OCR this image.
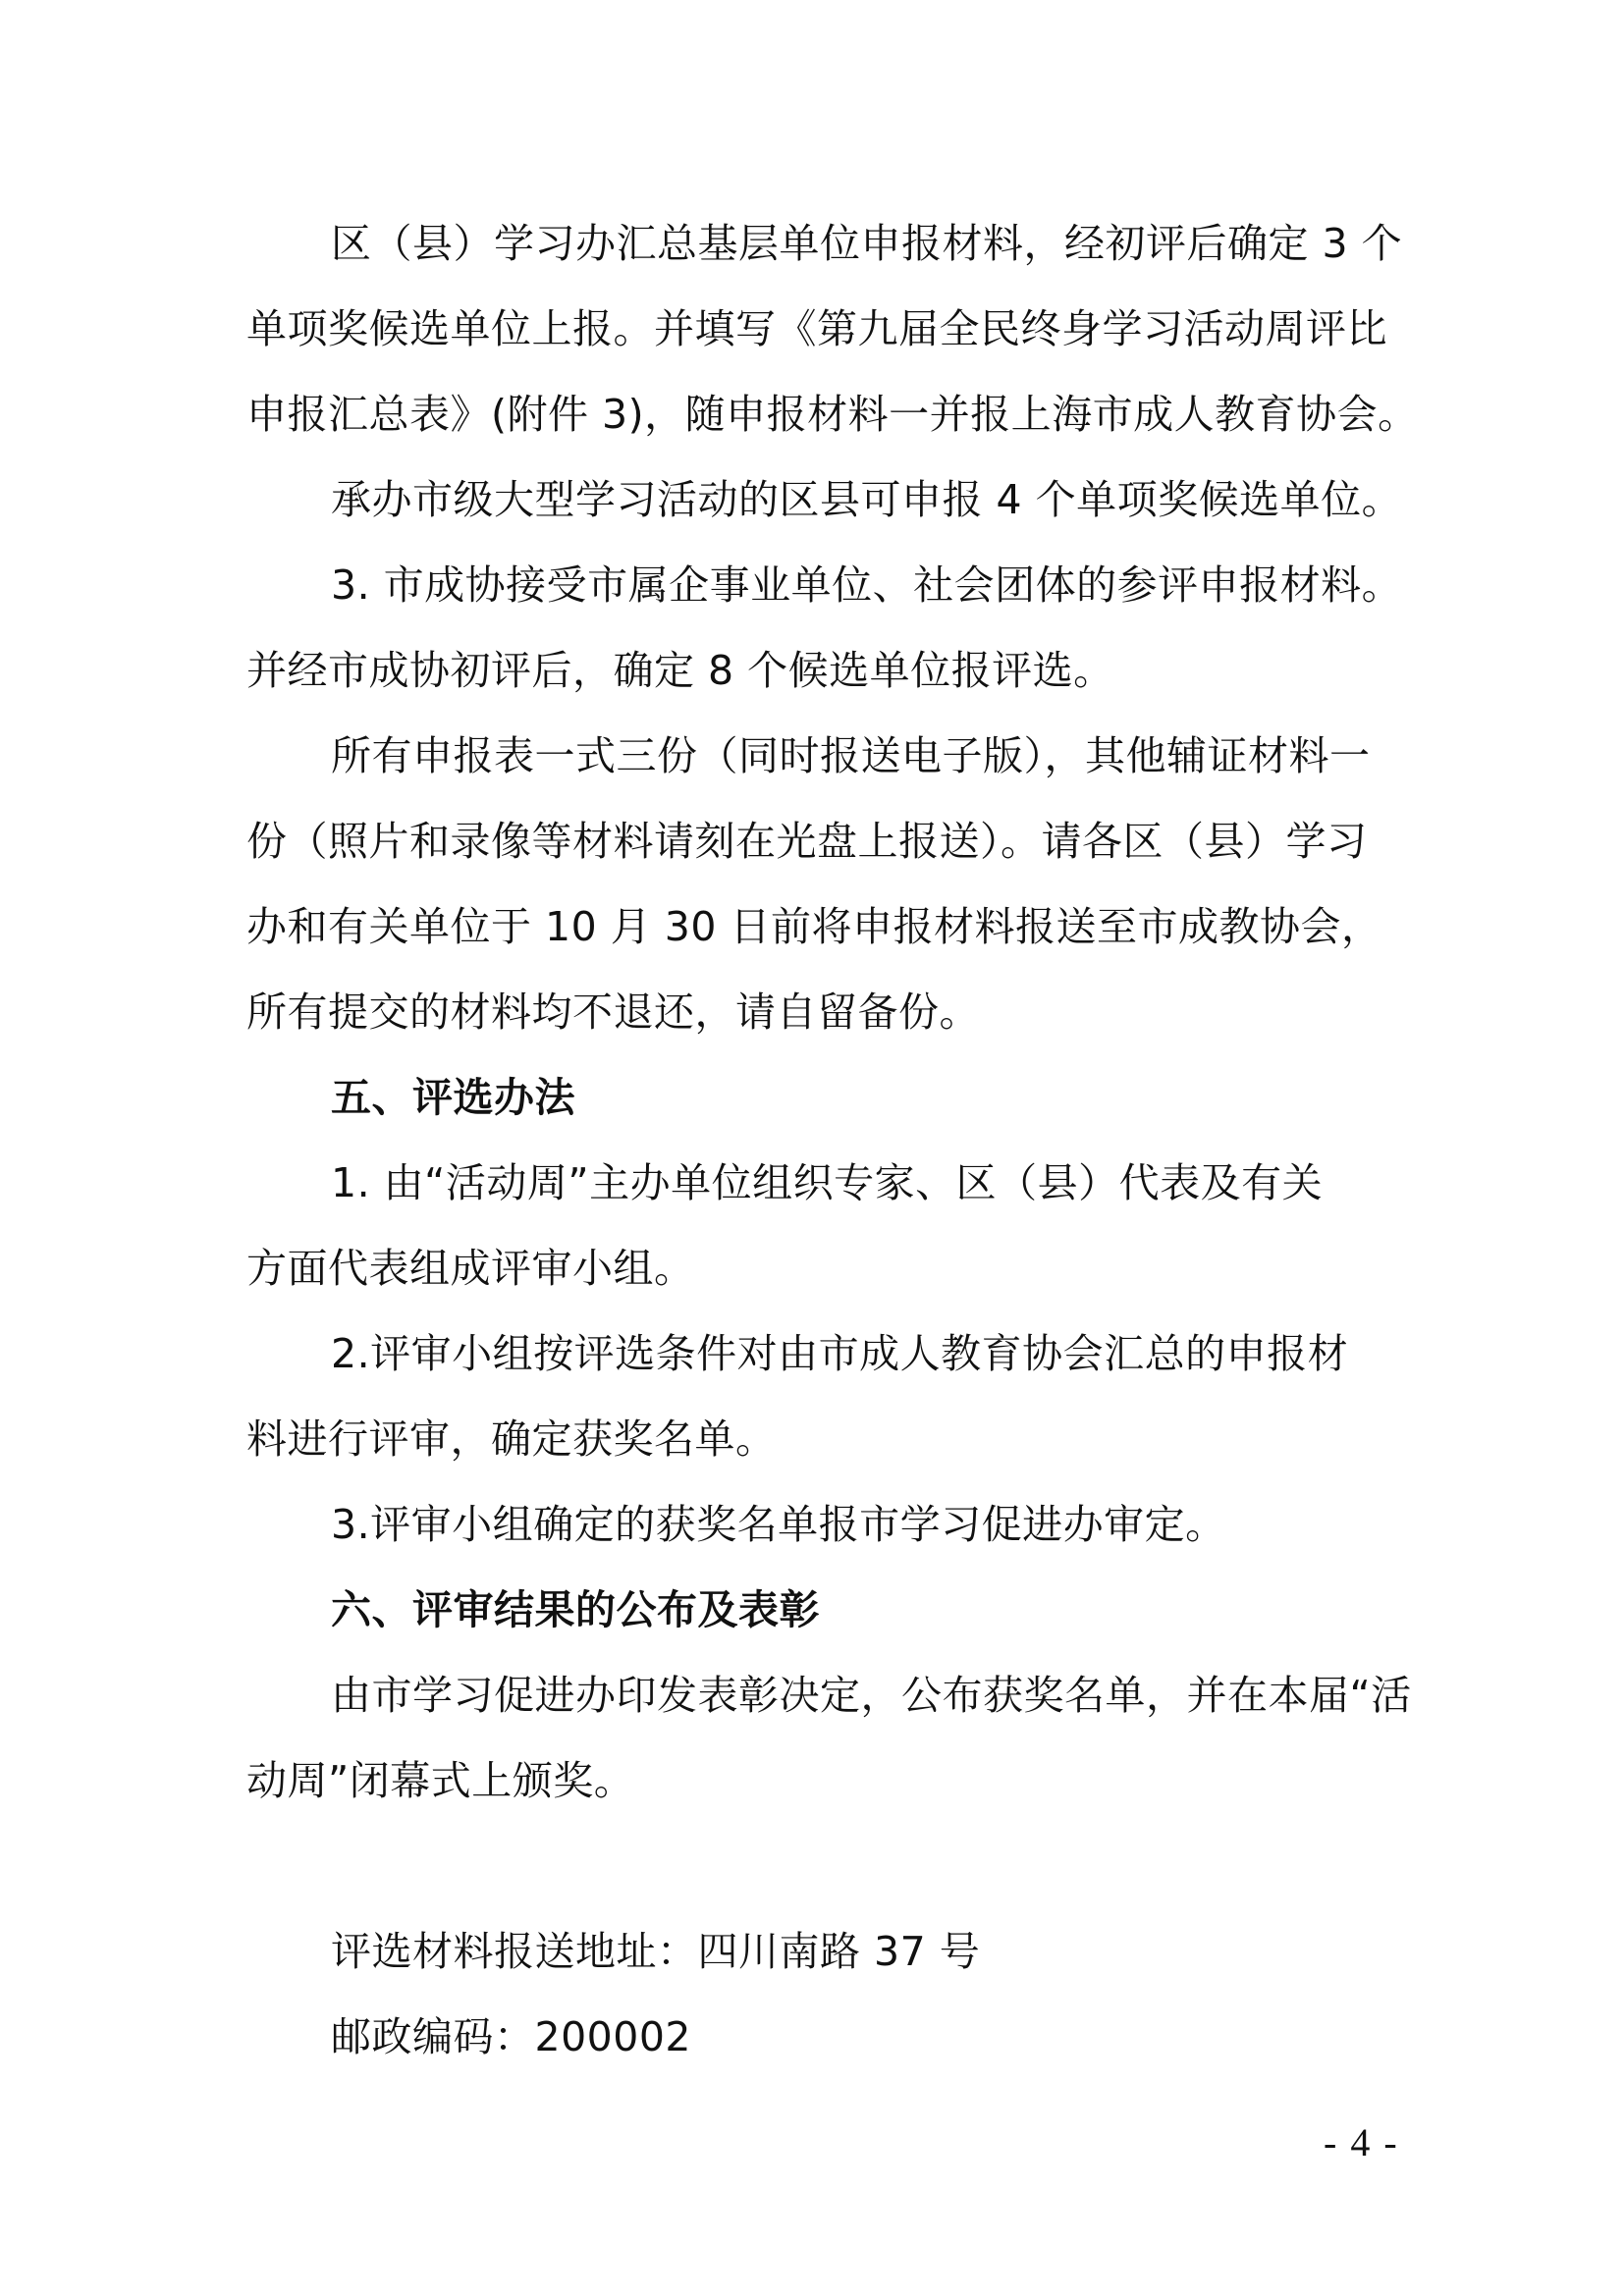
区（县）学习办汇总基层单位申报材料，经初评后确定 3 个
单项奖候选单位上报。并填写《第九届全民终身学习活动周评比
申报汇总表》(附件 3)，随申报材料一并报上海市成人教育协会。
承办市级大型学习活动的区县可申报 4 个单项奖候选单位。
3. 市成协接受市属企事业单位、社会团体的参评申报材料。
并经市成协初评后，确定 8 个候选单位报评选。
所有申报表一式三份（同时报送电子版），其他辅证材料一
份（照片和录像等材料请刻在光盘上报送）。请各区（县）学习
办和有关单位于 10 月 30 日前将申报材料报送至市成教协会，
所有提交的材料均不退还，请自留备份。
五、评选办法
1. 由“活动周”主办单位组织专家、区（县）代表及有关
方面代表组成评审小组。
2.评审小组按评选条件对由市成人教育协会汇总的申报材
料进行评审，确定获奖名单。
3.评审小组确定的获奖名单报市学习促进办审定。
六、评审结果的公布及表彰
由市学习促进办印发表彰决定，公布获奖名单，并在本届“活
动周”闭幕式上颁奖。
评选材料报送地址：四川南路 37 号
邮政编码：200002
- 4 -
